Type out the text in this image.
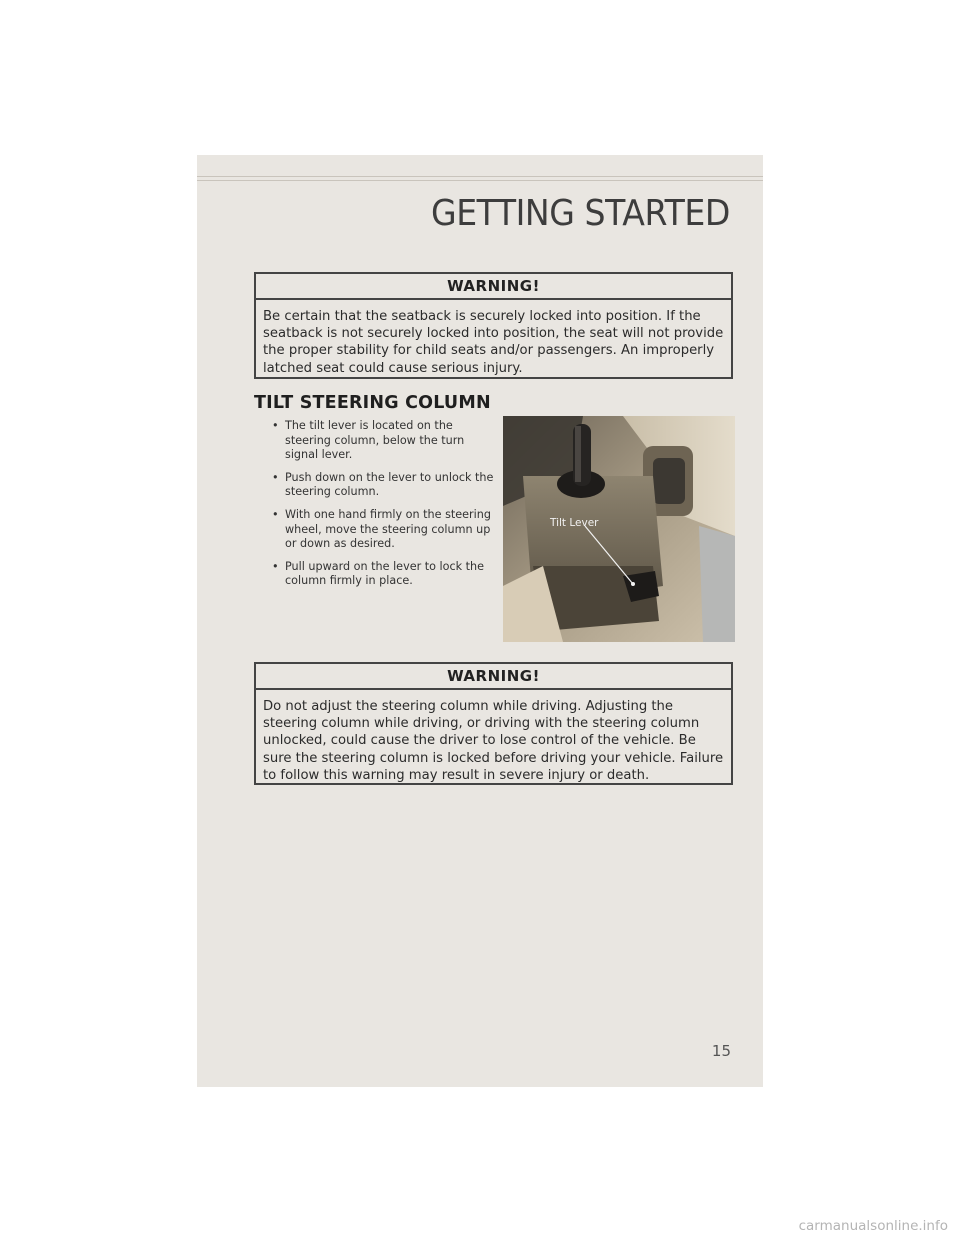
GETTING STARTED
WARNING!
Be certain that the seatback is securely locked into position. If the seatback is not securely locked into position, the seat will not provide the proper stability for child seats and/or passengers. An improperly latched seat could cause serious injury.
TILT STEERING COLUMN
• The tilt lever is located on the steering column, below the turn signal lever.
• Push down on the lever to unlock the steering column.
• With one hand firmly on the steering wheel, move the steering column up or down as desired.
• Pull upward on the lever to lock the column firmly in place.
Tilt Lever
WARNING!
Do not adjust the steering column while driving. Adjusting the steering column while driving, or driving with the steering column unlocked, could cause the driver to lose control of the vehicle. Be sure the steering column is locked before driving your vehicle. Failure to follow this warning may result in severe injury or death.
15
carmanualsonline.info
